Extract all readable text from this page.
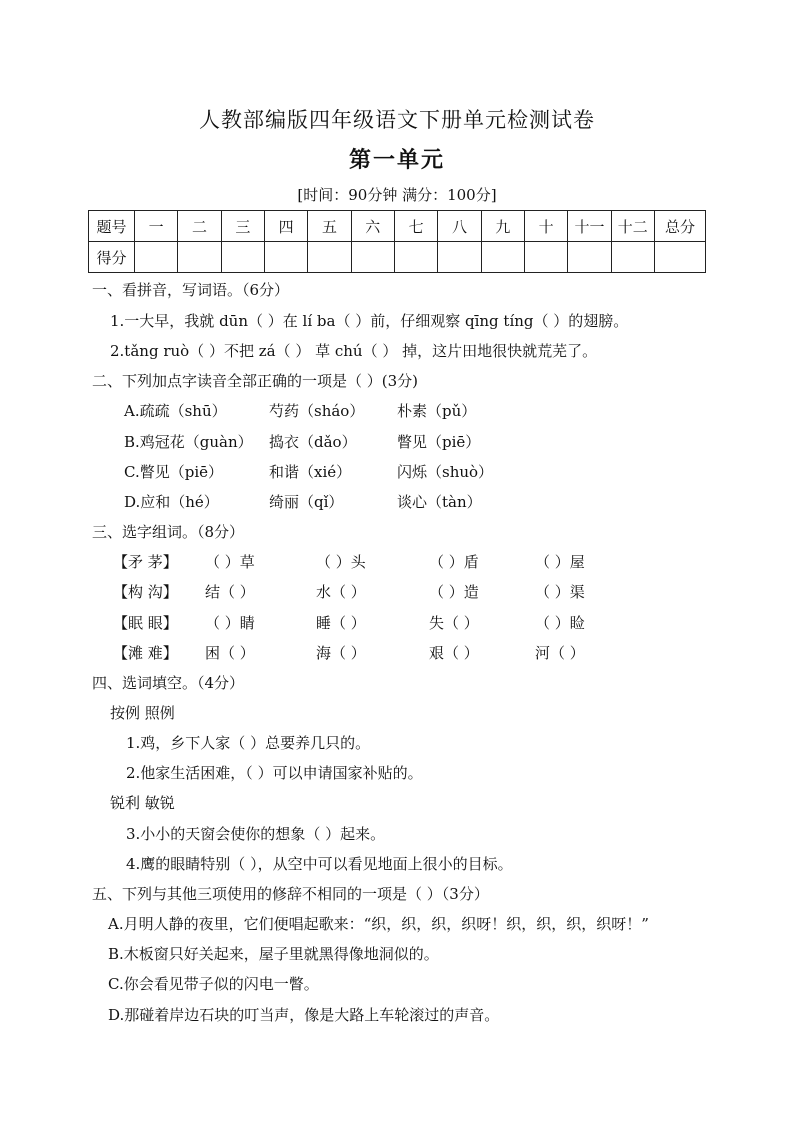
人教部编版四年级语文下册单元检测试卷
第一单元
[时间：90分钟 满分：100分]
题号	一	二	三	四	五	六	七	八	九	十	十一	十二	总分
得分													
一、看拼音，写词语。（6分）
1.一大早，我就 dūn（ ）在 lí ba（ ）前，仔细观察 qīng tíng（ ）的翅膀。
2.tǎng ruò（ ）不把 zá（ ） 草 chú（ ） 掉，这片田地很快就荒芜了。
二、下列加点字读音全部正确的一项是（ ）(3分)
A.疏疏（shū）	芍药（sháo） 朴素（pǔ）
B.鸡冠花（guàn） 捣衣（dǎo）	瞥见（piē）
C.瞥见（piē）	和谐（xié）	闪烁（shuò）
D.应和（hé）	绮丽（qǐ）	谈心（tàn）
三、选字组词。（8分）
【矛 茅】 （ ）草	（ ）头	（ ）盾	（ ）屋
【构 沟】 结（ ）	水（ ）	（ ）造	（ ）渠
【眠 眼】 （ ）睛	睡（ ）	失（ ）	（ ）睑
【滩 难】 困（ ）	海（ ）	艰（ ）	河（ ）
四、选词填空。（4分）
按例 照例
1.鸡，乡下人家（ ）总要养几只的。
2.他家生活困难，（ ）可以申请国家补贴的。
锐利 敏锐
3.小小的天窗会使你的想象（ ）起来。
4.鹰的眼睛特别（ ），从空中可以看见地面上很小的目标。
五、下列与其他三项使用的修辞不相同的一项是（ ）（3分）
A.月明人静的夜里，它们便唱起歌来：“织，织，织，织呀！织，织，织，织呀！”
B.木板窗只好关起来，屋子里就黑得像地洞似的。
C.你会看见带子似的闪电一瞥。
D.那碰着岸边石块的叮当声，像是大路上车轮滚过的声音。
